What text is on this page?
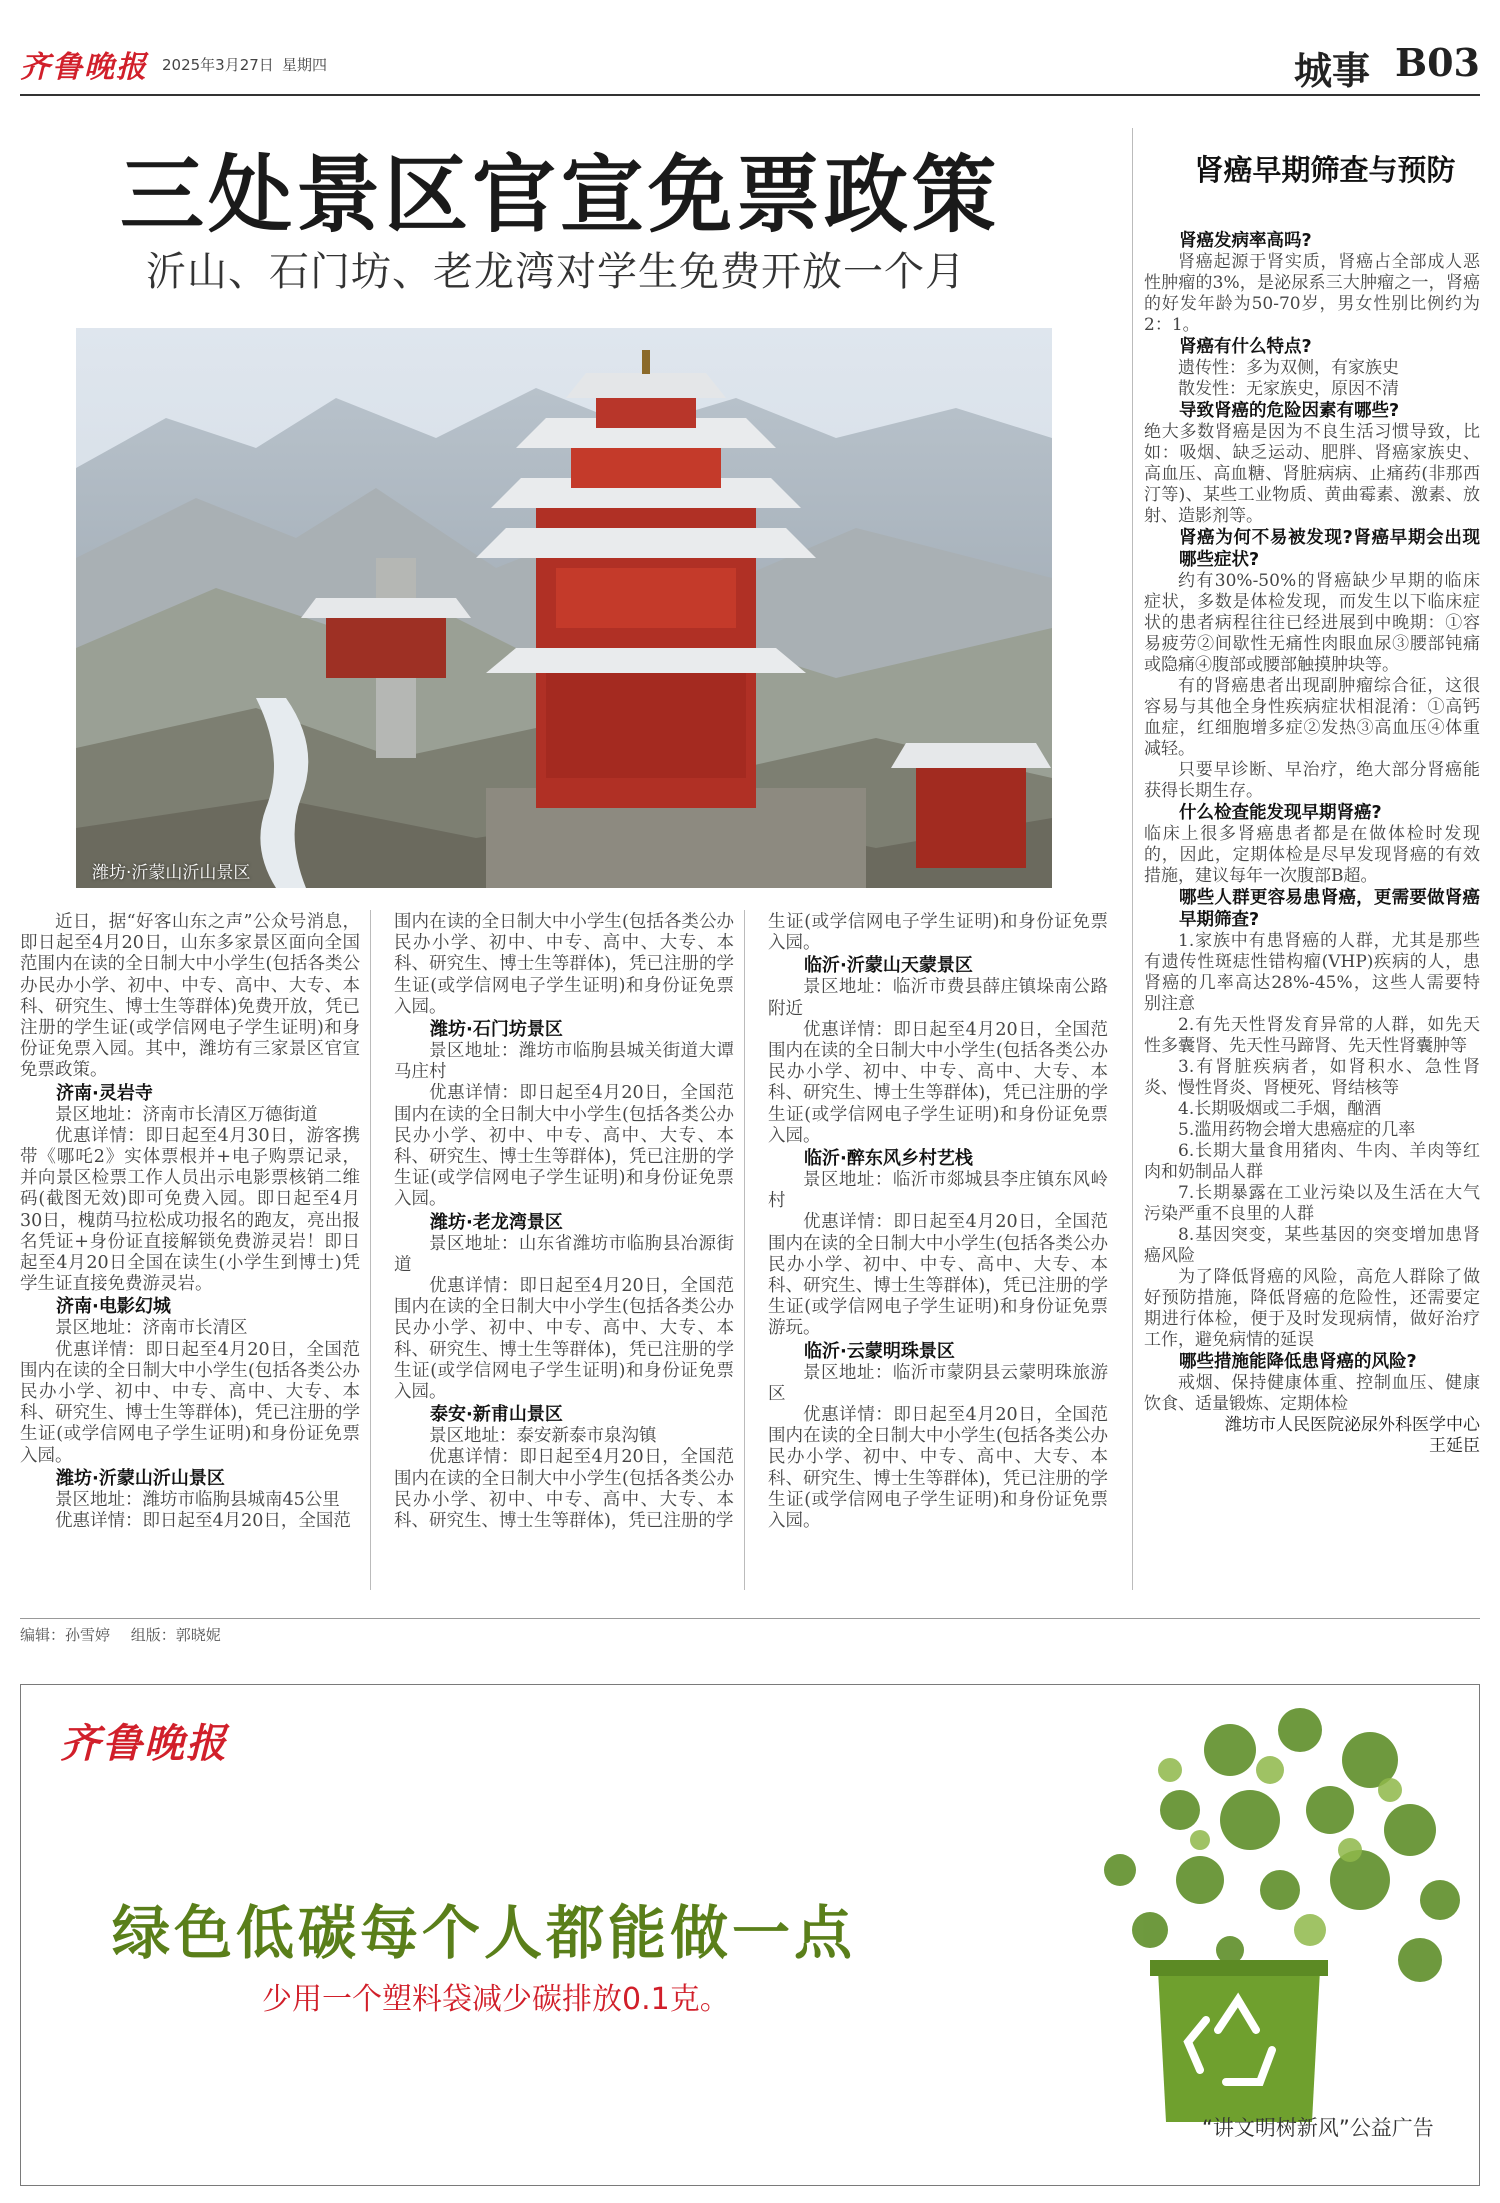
齐鲁晚报 2025年3月27日 星期四	城事 B03
三处景区官宣免票政策
沂山、石门坊、老龙湾对学生免费开放一个月
潍坊·沂蒙山沂山景区

近日，据“好客山东之声”公众号消息，即日起至4月20日，山东多家景区面向全国范围内在读的全日制大中小学生(包括各类公办民办小学、初中、中专、高中、大专、本科、研究生、博士生等群体)免费开放，凭已注册的学生证(或学信网电子学生证明)和身份证免票入园。其中，潍坊有三家景区官宣免票政策。

济南·灵岩寺

景区地址：济南市长清区万德街道

优惠详情：即日起至4月30日，游客携带《哪吒2》实体票根并+电子购票记录，并向景区检票工作人员出示电影票核销二维码(截图无效)即可免费入园。即日起至4月30日，槐荫马拉松成功报名的跑友，亮出报名凭证+身份证直接解锁免费游灵岩！即日起至4月20日全国在读生(小学生到博士)凭学生证直接免费游灵岩。

济南·电影幻城

景区地址：济南市长清区

优惠详情：即日起至4月20日，全国范围内在读的全日制大中小学生(包括各类公办民办小学、初中、中专、高中、大专、本科、研究生、博士生等群体)，凭已注册的学生证(或学信网电子学生证明)和身份证免票入园。

潍坊·沂蒙山沂山景区

景区地址：潍坊市临朐县城南45公里

优惠详情：即日起至4月20日，全国范

围内在读的全日制大中小学生(包括各类公办民办小学、初中、中专、高中、大专、本科、研究生、博士生等群体)，凭已注册的学生证(或学信网电子学生证明)和身份证免票入园。

潍坊·石门坊景区

景区地址：潍坊市临朐县城关街道大谭马庄村

优惠详情：即日起至4月20日，全国范围内在读的全日制大中小学生(包括各类公办民办小学、初中、中专、高中、大专、本科、研究生、博士生等群体)，凭已注册的学生证(或学信网电子学生证明)和身份证免票入园。

潍坊·老龙湾景区

景区地址：山东省潍坊市临朐县冶源街道

优惠详情：即日起至4月20日，全国范围内在读的全日制大中小学生(包括各类公办民办小学、初中、中专、高中、大专、本科、研究生、博士生等群体)，凭已注册的学生证(或学信网电子学生证明)和身份证免票入园。

泰安·新甫山景区

景区地址：泰安新泰市泉沟镇

优惠详情：即日起至4月20日，全国范围内在读的全日制大中小学生(包括各类公办民办小学、初中、中专、高中、大专、本科、研究生、博士生等群体)，凭已注册的学

生证(或学信网电子学生证明)和身份证免票入园。

临沂·沂蒙山天蒙景区

景区地址：临沂市费县薛庄镇垛南公路附近

优惠详情：即日起至4月20日，全国范围内在读的全日制大中小学生(包括各类公办民办小学、初中、中专、高中、大专、本科、研究生、博士生等群体)，凭已注册的学生证(或学信网电子学生证明)和身份证免票入园。

临沂·醉东风乡村艺栈

景区地址：临沂市郯城县李庄镇东风岭村

优惠详情：即日起至4月20日，全国范围内在读的全日制大中小学生(包括各类公办民办小学、初中、中专、高中、大专、本科、研究生、博士生等群体)，凭已注册的学生证(或学信网电子学生证明)和身份证免票游玩。

临沂·云蒙明珠景区

景区地址：临沂市蒙阴县云蒙明珠旅游区

优惠详情：即日起至4月20日，全国范围内在读的全日制大中小学生(包括各类公办民办小学、初中、中专、高中、大专、本科、研究生、博士生等群体)，凭已注册的学生证(或学信网电子学生证明)和身份证免票入园。

肾癌早期筛查与预防
肾癌发病率高吗?

肾癌起源于肾实质，肾癌占全部成人恶性肿瘤的3%，是泌尿系三大肿瘤之一，肾癌的好发年龄为50-70岁，男女性别比例约为2：1。

肾癌有什么特点?

遗传性：多为双侧，有家族史

散发性：无家族史，原因不清

导致肾癌的危险因素有哪些?

绝大多数肾癌是因为不良生活习惯导致，比如：吸烟、缺乏运动、肥胖、肾癌家族史、高血压、高血糖、肾脏病病、止痛药(非那西汀等)、某些工业物质、黄曲霉素、激素、放射、造影剂等。

肾癌为何不易被发现?肾癌早期会出现哪些症状?

约有30%-50%的肾癌缺少早期的临床症状，多数是体检发现，而发生以下临床症状的患者病程往往已经进展到中晚期：①容易疲劳②间歇性无痛性肉眼血尿③腰部钝痛或隐痛④腹部或腰部触摸肿块等。

有的肾癌患者出现副肿瘤综合征，这很容易与其他全身性疾病症状相混淆：①高钙血症，红细胞增多症②发热③高血压④体重减轻。

只要早诊断、早治疗，绝大部分肾癌能获得长期生存。

什么检查能发现早期肾癌?

临床上很多肾癌患者都是在做体检时发现的，因此，定期体检是尽早发现肾癌的有效措施，建议每年一次腹部B超。

哪些人群更容易患肾癌，更需要做肾癌早期筛查?

1.家族中有患肾癌的人群，尤其是那些有遗传性斑痣性错构瘤(VHP)疾病的人，患肾癌的几率高达28%-45%，这些人需要特别注意

2.有先天性肾发育异常的人群，如先天性多囊肾、先天性马蹄肾、先天性肾囊肿等

3.有肾脏疾病者，如肾积水、急性肾炎、慢性肾炎、肾梗死、肾结核等

4.长期吸烟或二手烟，酗酒

5.滥用药物会增大患癌症的几率

6.长期大量食用猪肉、牛肉、羊肉等红肉和奶制品人群

7.长期暴露在工业污染以及生活在大气污染严重不良里的人群

8.基因突变，某些基因的突变增加患肾癌风险

为了降低肾癌的风险，高危人群除了做好预防措施，降低肾癌的危险性，还需要定期进行体检，便于及时发现病情，做好治疗工作，避免病情的延误

哪些措施能降低患肾癌的风险?

戒烟、保持健康体重、控制血压、健康饮食、适量锻炼、定期体检

潍坊市人民医院泌尿外科医学中心

王延臣

编辑：孙雪婷 组版：郭晓妮
齐鲁晚报
绿色低碳每个人都能做一点
少用一个塑料袋减少碳排放0.1克。
“讲文明树新风”公益广告
